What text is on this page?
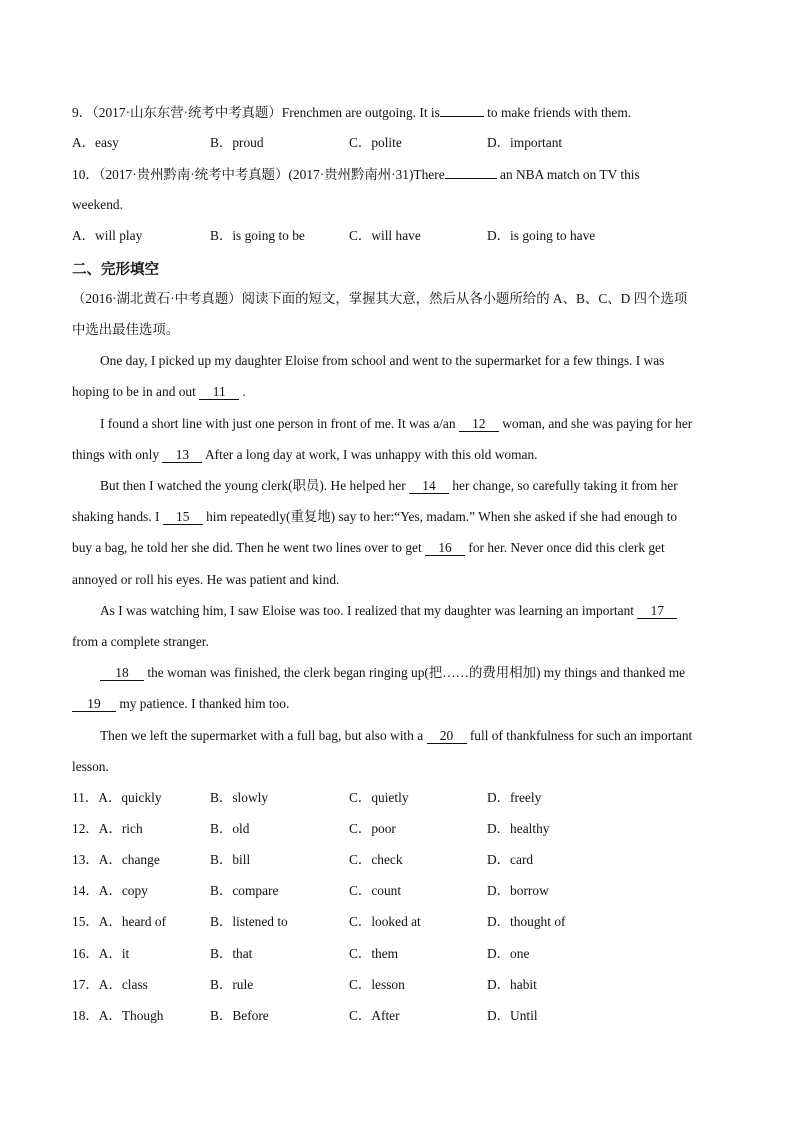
9．（2017·山东东营·统考中考真题）Frenchmen are outgoing. It is	to make friends with them.
A．easy	B．proud	C．polite	D．important
10．（2017·贵州黔南·统考中考真题）(2017·贵州黔南州·31)There	an NBA match on TV this
weekend.
A．will play	B．is going to be	C．will have	D．is going to have
二、完形填空
（2016·湖北黄石·中考真题）阅读下面的短文，掌握其大意，然后从各小题所给的 A、B、C、D 四个选项
中选出最佳选项。
One day, I picked up my daughter Eloise from school and went to the supermarket for a few things. I was
hoping to be in and out 11 .
I found a short line with just one person in front of me. It was a/an 12 woman, and she was paying for her
things with only 13 After a long day at work, I was unhappy with this old woman.
But then I watched the young clerk(职员). He helped her 14 her change, so carefully taking it from her
shaking hands. I 15 him repeatedly(重复地) say to her:“Yes, madam.” When she asked if she had enough to
buy a bag, he told her she did. Then he went two lines over to get 16 for her. Never once did this clerk get
annoyed or roll his eyes. He was patient and kind.
As I was watching him, I saw Eloise was too. I realized that my daughter was learning an important 17
from a complete stranger.
18 the woman was finished, the clerk began ringing up(把……的费用相加) my things and thanked me
19 my patience. I thanked him too.
Then we left the supermarket with a full bag, but also with a 20 full of thankfulness for such an important
lesson.
11．A．quickly	B．slowly	C．quietly	D．freely
12．A．rich	B．old	C．poor	D．healthy
13．A．change	B．bill	C．check	D．card
14．A．copy	B．compare	C．count	D．borrow
15．A．heard of	B．listened to	C．looked at	D．thought of
16．A．it	B．that	C．them	D．one
17．A．class	B．rule	C．lesson	D．habit
18．A．Though	B．Before	C．After	D．Until
